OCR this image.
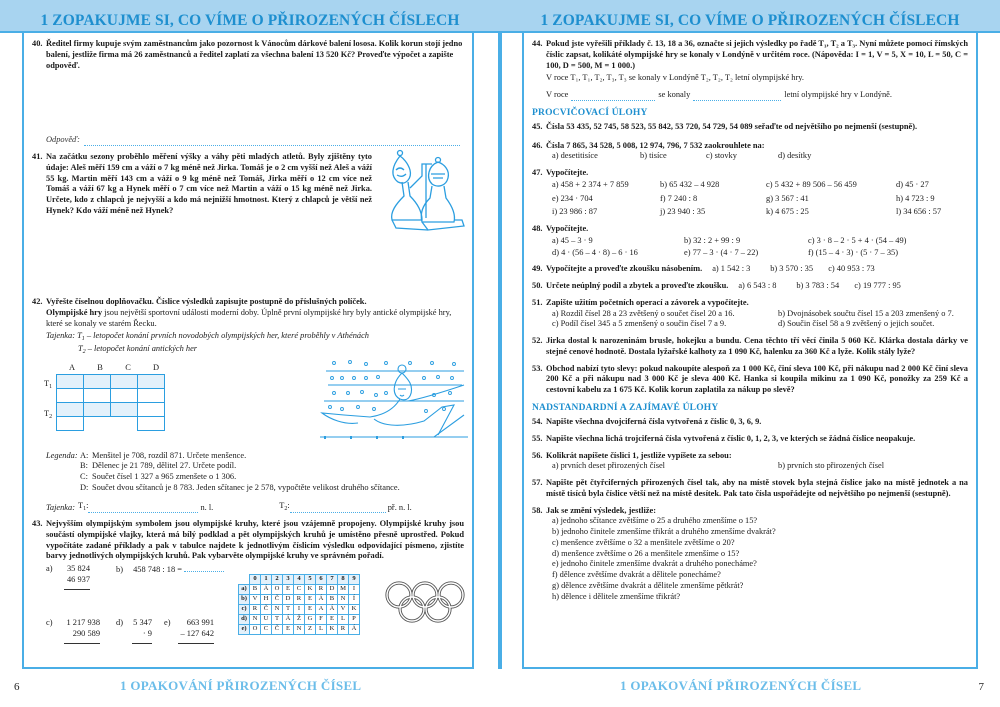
1 ZOPAKUJME SI, CO VÍME O PŘIROZENÝCH ČÍSLECH
40. Ředitel firmy kupuje svým zaměstnancům jako pozornost k Vánocům dárkové balení lososa. Kolik korun stojí jedno balení, jestliže firma má 26 zaměstnanců a ředitel zaplatí za všechna balení 13 520 Kč? Proveďte výpočet a zapište odpověď.
Odpověď:
41. Na začátku sezony proběhlo měření výšky a váhy pěti mladých atletů. Byly zjištěny tyto údaje: Aleš měří 159 cm a váží o 7 kg méně než Jirka. Tomáš je o 2 cm vyšší než Aleš a váží 55 kg. Martin měří 143 cm a váží o 9 kg méně než Tomáš, Jirka měří o 12 cm více než Tomáš a váží 67 kg a Hynek měří o 7 cm více než Martin a váží o 15 kg méně než Jirka. Určete, kdo z chlapců je nejvyšší a kdo má nejnižší hmotnost. Který z chlapců je větší než Hynek? Kdo váží méně než Hynek?
42. Vyřešte číselnou doplňovačku. Číslice výsledků zapisujte postupně do příslušných políček.
Olympijské hry jsou největší sportovní události moderní doby. Úplně první olympijské hry byly antické olympijské hry, které se konaly ve starém Řecku.
Tajenka: $T_1$ – letopočet konání prvních novodobých olympijských her, které proběhly v Athénách
$T_2$ – letopočet konání antických her
A	B	C	D
$T_1$
$T_2$

Legenda: A: Menšitel je 708, rozdíl 871. Určete menšence.
B: Dělenec je 21 789, dělitel 27. Určete podíl.
C: Součet čísel 1 327 a 965 zmenšete o 1 306.
D: Součet dvou sčítanců je 8 783. Jeden sčítanec je 2 578, vypočtěte velikost druhého sčítance.
Tajenka: $T_1$:	n. l.	$T_2$:	př. n. l.
43. Nejvyšším olympijským symbolem jsou olympijské kruhy, které jsou vzájemně propojeny. Olympijské kruhy jsou součástí olympijské vlajky, která má bílý podklad a pět olympijských kruhů je umístěno přesně uprostřed. Pokud vypočítáte zadané příklady a pak v tabulce najdete k jednotlivým číslicím výsledku odpovídající písmeno, zjistíte barvy jednotlivých olympijských kruhů. Pak vybarvěte olympijské kruhy ve správném pořadí.
a)	35 824
46 937
b) 458 748 : 18 =
c) 1 217 938
290 589
d) 5 347
· 9
e)	663 991
– 127 642
	0	1	2	3	4	5	6	7	8	9
a)	B	Á	O	E	C	K	R	D	M	I
b)	V	H	Č	D	R	E	Á	B	N	Í
c)	R	Č	N	T	I	E	A	Á	V	K
d)	N	U	T	Á	Ž	G	F	E	L	P
e)	O	C	Č	E	N	Z	L	K	R	Á
6	1 OPAKOVÁNÍ PŘIROZENÝCH ČÍSEL
1 ZOPAKUJME SI, CO VÍME O PŘIROZENÝCH ČÍSLECH
44. Pokud jste vyřešili příklady č. 13, 18 a 36, označte si jejich výsledky po řadě T₁, T₂ a T₃. Nyní můžete pomocí římských číslic zapsat, kolikáté olympijské hry se konaly v Londýně v určitém roce. (Nápověda: I = 1, V = 5, X = 10, L = 50, C = 100, D = 500, M = 1 000.)
V roce T₁, T₁, T₂, T₃, T₃ se konaly v Londýně T₂, T₂, T₂ letní olympijské hry.
V roce	se konaly	letní olympijské hry v Londýně.
PROCVIČOVACÍ ÚLOHY
45. Čísla 53 435, 52 745, 58 523, 55 842, 53 720, 54 729, 54 089 seřaďte od největšího po nejmenší (sestupně).
46. Čísla 7 865, 34 528, 5 008, 12 974, 796, 7 532 zaokrouhlete na:
a) desetitisíce	b) tisíce	c) stovky	d) desítky
47. Vypočítejte.
a) 458 + 2 374 + 7 859	b) 65 432 – 4 928	c) 5 432 + 89 506 – 56 459	d) 45 · 27
e) 234 · 704	f) 7 240 : 8	g) 3 567 : 41	h) 4 723 : 9
i) 23 986 : 87	j) 23 940 : 35	k) 4 675 : 25	l) 34 656 : 57
48. Vypočítejte.
a) 45 – 3 · 9	b) 32 : 2 + 99 : 9	c) 3 · 8 – 2 · 5 + 4 · (54 – 49)
d) 4 · (56 – 4 · 8) – 6 · 16	e) 77 – 3 · (4 · 7 – 22)	f) (15 – 4 · 3) · (5 · 7 – 35)
49. Vypočítejte a proveďte zkoušku násobením. a) 1 542 : 3	b) 3 570 : 35	c) 40 953 : 73
50. Určete neúplný podíl a zbytek a proveďte zkoušku. a) 6 543 : 8	b) 3 783 : 54	c) 19 777 : 95
51. Zapište užitím početních operací a závorek a vypočítejte.
a) Rozdíl čísel 28 a 23 zvětšený o součet čísel 20 a 16.	b) Dvojnásobek součtu čísel 15 a 203 zmenšený o 7.
c) Podíl čísel 345 a 5 zmenšený o součin čísel 7 a 9.	d) Součin čísel 58 a 9 zvětšený o jejich součet.
52. Jirka dostal k narozeninám brusle, hokejku a bundu. Cena těchto tří věcí činila 5 060 Kč. Klárka dostala dárky ve stejné cenové hodnotě. Dostala lyžařské kalhoty za 1 090 Kč, halenku za 360 Kč a lyže. Kolik stály lyže?
53. Obchod nabízí tyto slevy: pokud nakoupíte alespoň za 1 000 Kč, činí sleva 100 Kč, při nákupu nad 2 000 Kč činí sleva 200 Kč a při nákupu nad 3 000 Kč je sleva 400 Kč. Hanka si koupila mikinu za 1 090 Kč, ponožky za 259 Kč a cestovní kabelu za 1 675 Kč. Kolik korun zaplatila za nákup po slevě?
NADSTANDARDNÍ A ZAJÍMAVÉ ÚLOHY
54. Napište všechna dvojciferná čísla vytvořená z číslic 0, 3, 6, 9.
55. Napište všechna lichá trojciferná čísla vytvořená z číslic 0, 1, 2, 3, ve kterých se žádná číslice neopakuje.
56. Kolikrát napíšete číslici 1, jestliže vypíšete za sebou:
a) prvních deset přirozených čísel	b) prvních sto přirozených čísel
57. Napište pět čtyřciferných přirozených čísel tak, aby na místě stovek byla stejná číslice jako na místě jednotek a na místě tisíců byla číslice větší než na místě desítek. Pak tato čísla uspořádejte od největšího po nejmenší (sestupně).
58. Jak se změní výsledek, jestliže:
a) jednoho sčítance zvětšíme o 25 a druhého zmenšíme o 15?
b) jednoho činitele zmenšíme třikrát a druhého zmenšíme dvakrát?
c) menšence zvětšíme o 32 a menšitele zvětšíme o 20?
d) menšence zvětšíme o 26 a menšitele zmenšíme o 15?
e) jednoho činitele zmenšíme dvakrát a druhého ponecháme?
f) dělence zvětšíme dvakrát a dělitele ponecháme?
g) dělence zvětšíme dvakrát a dělitele zmenšíme pětkrát?
h) dělence i dělitele zmenšíme třikrát?
1 OPAKOVÁNÍ PŘIROZENÝCH ČÍSEL	7
